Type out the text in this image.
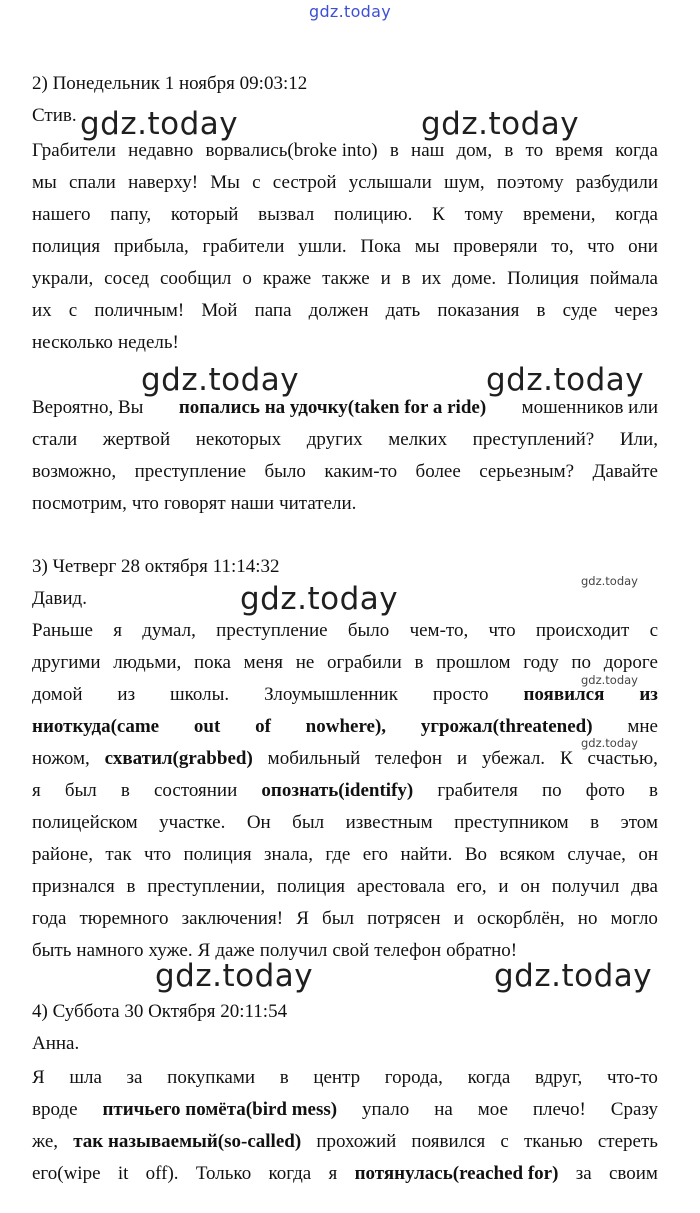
gdz.today
gdz.today	gdz.today
gdz.today	gdz.today
gdz.today
gdz.today
gdz.today
gdz.today
gdz.today	gdz.today
2) Понедельник 1 ноября 09:03:12
Стив.
Грабители недавно ворвались(broke into) в наш дом, в то время когда
мы спали наверху! Мы с сестрой услышали шум, поэтому разбудили
нашего папу, который вызвал полицию. К тому времени, когда
полиция прибыла, грабители ушли. Пока мы проверяли то, что они
украли, сосед сообщил о краже также и в их доме. Полиция поймала
их с поличным! Мой папа должен дать показания в суде через
несколько недель!
Вероятно, Вы попались на удочку(taken for a ride) мошенников или
стали жертвой некоторых других мелких преступлений? Или,
возможно, преступление было каким-то более серьезным? Давайте
посмотрим, что говорят наши читатели.
3) Четверг 28 октября 11:14:32
Давид.
Раньше я думал, преступление было чем-то, что происходит с
другими людьми, пока меня не ограбили в прошлом году по дороге
домой из школы. Злоумышленник просто появился из
ниоткуда(came out of nowhere), угрожал(threatened) мне
ножом, схватил(grabbed) мобильный телефон и убежал. К счастью,
я был в состоянии опознать(identify) грабителя по фото в
полицейском участке. Он был известным преступником в этом
районе, так что полиция знала, где его найти. Во всяком случае, он
признался в преступлении, полиция арестовала его, и он получил два
года тюремного заключения! Я был потрясен и оскорблён, но могло
быть намного хуже. Я даже получил свой телефон обратно!
4) Суббота 30 Октября 20:11:54
Анна.
Я шла за покупками в центр города, когда вдруг, что-то
вроде птичьего помёта(bird mess) упало на мое плечо! Сразу
же, так называемый(so-called) прохожий появился с тканью стереть
его(wipe it off). Только когда я потянулась(reached for) за своим
